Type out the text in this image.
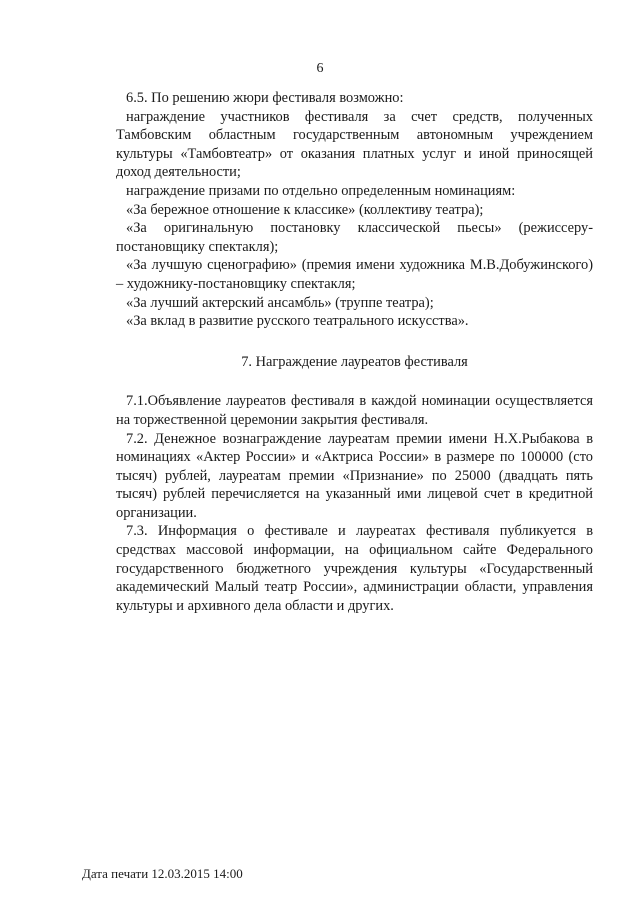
6

6.5. По решению жюри фестиваля возможно:

награждение участников фестиваля за счет средств, полученных Тамбовским областным государственным автономным учреждением культуры «Тамбовтеатр» от оказания платных услуг и иной приносящей доход деятельности;

награждение призами по отдельно определенным номинациям:

«За бережное отношение к классике» (коллективу театра);

«За оригинальную постановку классической пьесы» (режиссеру-постановщику спектакля);

«За лучшую сценографию» (премия имени художника М.В.Добужинского) – художнику-постановщику спектакля;

«За лучший актерский ансамбль» (труппе театра);

«За вклад в развитие русского театрального искусства».

7. Награждение лауреатов фестиваля

7.1.Объявление лауреатов фестиваля в каждой номинации осуществляется на торжественной церемонии закрытия фестиваля.

7.2. Денежное вознаграждение лауреатам премии имени Н.Х.Рыбакова в номинациях «Актер России» и «Актриса России» в размере по 100000 (сто тысяч) рублей, лауреатам премии «Признание» по 25000 (двадцать пять тысяч) рублей перечисляется на указанный ими лицевой счет в кредитной организации.

7.3. Информация о фестивале и лауреатах фестиваля публикуется в средствах массовой информации, на официальном сайте Федерального государственного бюджетного учреждения культуры «Государственный академический Малый театр России», администрации области, управления культуры и архивного дела области и других.

Дата печати 12.03.2015 14:00
